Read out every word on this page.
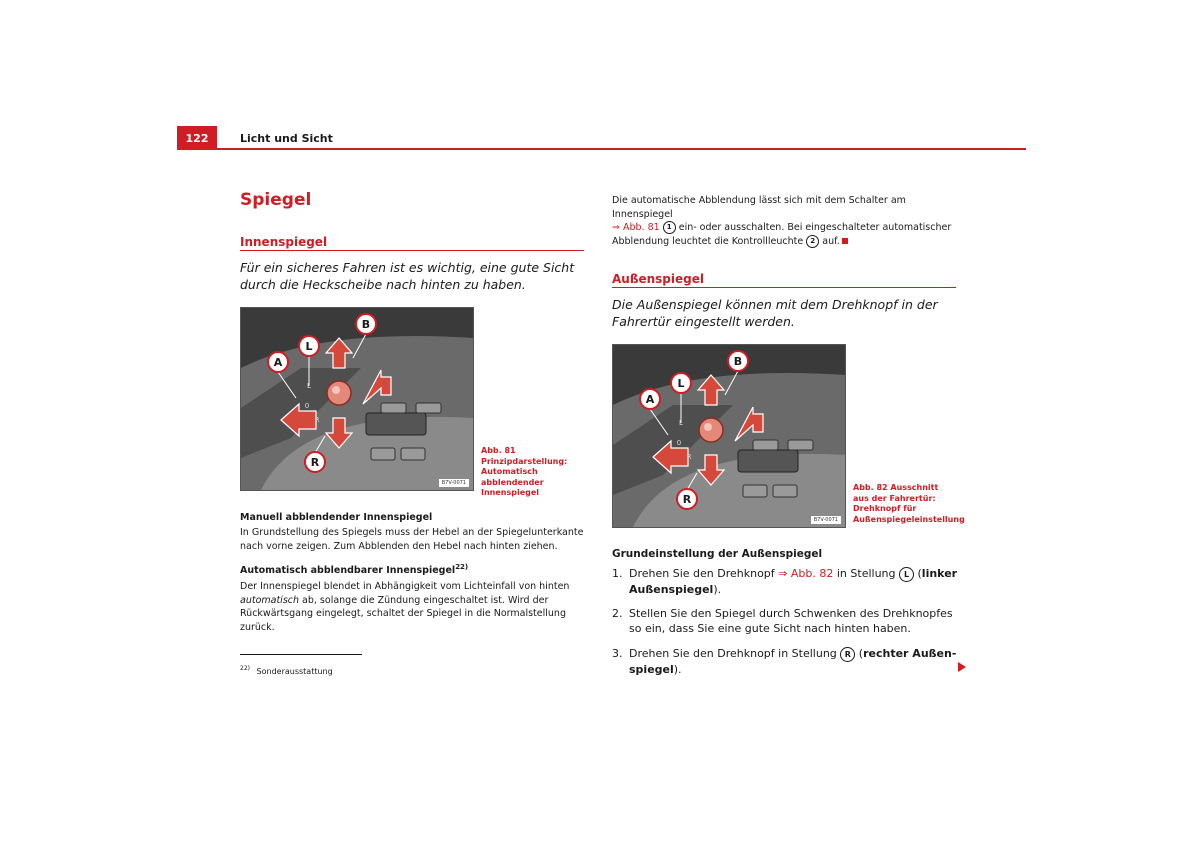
122	Licht und Sicht
Spiegel
Innenspiegel
Für ein sicheres Fahren ist es wichtig, eine gute Sicht durch die Heckscheibe nach hinten zu haben.
A
L
B
R
L
0
R
B7V-0071
Abb. 81 Prinzipdarstellung: Automatisch abblendender Innenspiegel
Manuell abblendender Innenspiegel
In Grundstellung des Spiegels muss der Hebel an der Spiegelunterkante nach vorne zeigen. Zum Abblenden den Hebel nach hinten ziehen.
Automatisch abblendbarer Innenspiegel$^{22)}$
Der Innenspiegel blendet in Abhängigkeit vom Lichteinfall von hinten automatisch ab, solange die Zündung eingeschaltet ist. Wird der Rückwärtsgang eingelegt, schaltet der Spiegel in die Normalstellung zurück.
$^{22)}$ Sonderausstattung
Die automatische Abblendung lässt sich mit dem Schalter am Innenspiegel
⇒ Abb. 81 1 ein- oder ausschalten. Bei eingeschalteter automatischer
Abblendung leuchtet die Kontrollleuchte 2 auf.
Außenspiegel
Die Außenspiegel können mit dem Drehknopf in der Fahrertür eingestellt werden.
A
L
B
R
L
0
R
B7V-0071
Abb. 82 Ausschnitt aus der Fahrertür: Drehknopf für Außenspiegeleinstellung
Grundeinstellung der Außenspiegel
1. Drehen Sie den Drehknopf ⇒ Abb. 82 in Stellung L (linker Außenspiegel).
2. Stellen Sie den Spiegel durch Schwenken des Drehknopfes so ein, dass Sie eine gute Sicht nach hinten haben.
3. Drehen Sie den Drehknopf in Stellung R (rechter Außenspiegel).
